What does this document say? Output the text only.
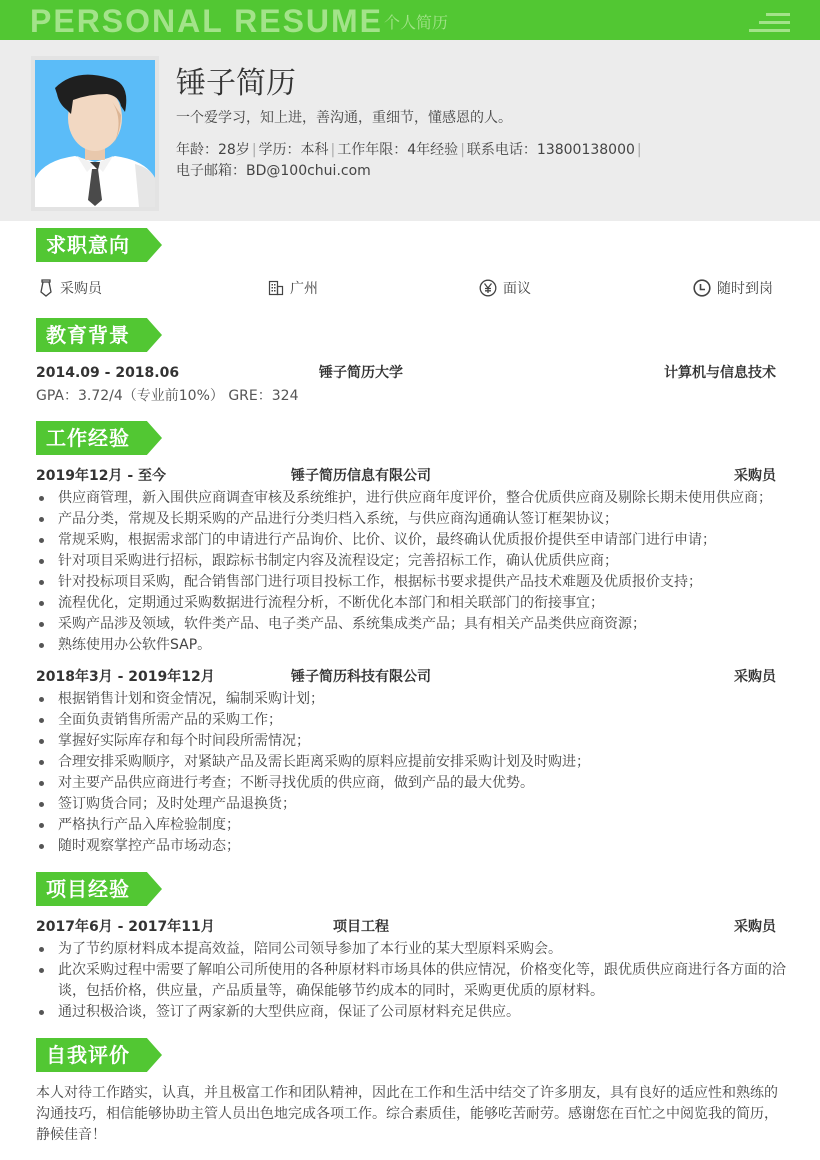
PERSONAL RESUME 个人简历
锤子简历
一个爱学习，知上进，善沟通，重细节，懂感恩的人。
年龄：28岁 | 学历：本科 | 工作年限：4年经验 | 联系电话：13800138000 |
电子邮箱：BD@100chui.com
求职意向
采购员	广州	面议	随时到岗
教育背景
2014.09 - 2018.06	锤子简历大学	计算机与信息技术
GPA：3.72/4（专业前10%） GRE：324
工作经验
2019年12月 - 至今	锤子简历信息有限公司	采购员
供应商管理，新入围供应商调查审核及系统维护，进行供应商年度评价，整合优质供应商及剔除长期未使用供应商；
产品分类，常规及长期采购的产品进行分类归档入系统，与供应商沟通确认签订框架协议；
常规采购，根据需求部门的申请进行产品询价、比价、议价，最终确认优质报价提供至申请部门进行申请；
针对项目采购进行招标，跟踪标书制定内容及流程设定；完善招标工作，确认优质供应商；
针对投标项目采购，配合销售部门进行项目投标工作，根据标书要求提供产品技术难题及优质报价支持；
流程优化，定期通过采购数据进行流程分析，不断优化本部门和相关联部门的衔接事宜；
采购产品涉及领域，软件类产品、电子类产品、系统集成类产品；具有相关产品类供应商资源；
熟练使用办公软件SAP。
2018年3月 - 2019年12月	锤子简历科技有限公司	采购员
根据销售计划和资金情况，编制采购计划；
全面负责销售所需产品的采购工作；
掌握好实际库存和每个时间段所需情况；
合理安排采购顺序，对紧缺产品及需长距离采购的原料应提前安排采购计划及时购进；
对主要产品供应商进行考查；不断寻找优质的供应商，做到产品的最大优势。
签订购货合同；及时处理产品退换货；
严格执行产品入库检验制度；
随时观察掌控产品市场动态；
项目经验
2017年6月 - 2017年11月	项目工程	采购员
为了节约原材料成本提高效益，陪同公司领导参加了本行业的某大型原料采购会。
此次采购过程中需要了解咱公司所使用的各种原材料市场具体的供应情况，价格变化等，跟优质供应商进行各方面的洽谈，包括价格，供应量，产品质量等，确保能够节约成本的同时，采购更优质的原材料。
通过积极洽谈，签订了两家新的大型供应商，保证了公司原材料充足供应。
自我评价
本人对待工作踏实，认真，并且极富工作和团队精神，因此在工作和生活中结交了许多朋友，具有良好的适应性和熟练的沟通技巧，相信能够协助主管人员出色地完成各项工作。综合素质佳，能够吃苦耐劳。感谢您在百忙之中阅览我的简历，静候佳音！
